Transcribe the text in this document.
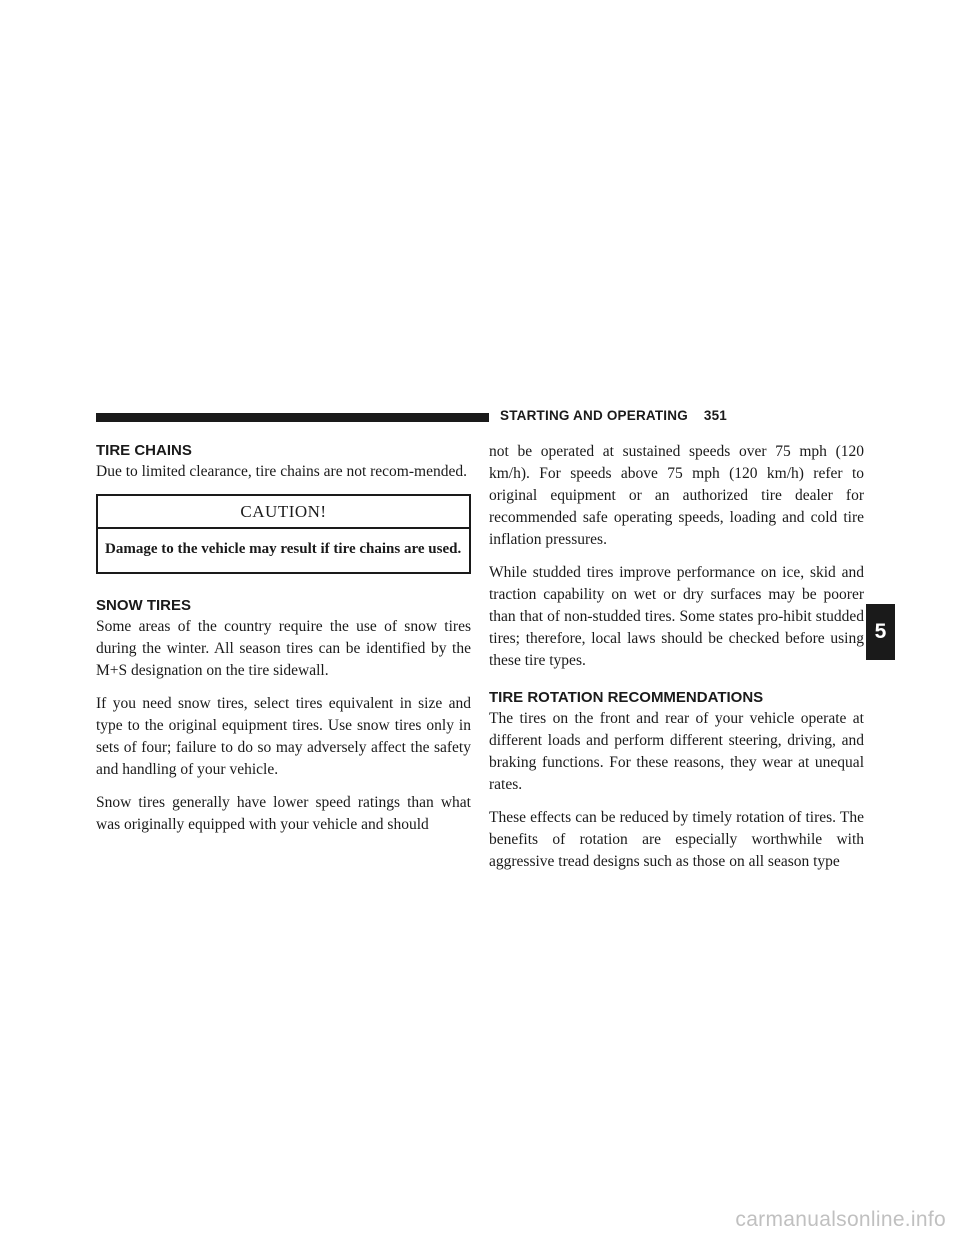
STARTING AND OPERATING 351
TIRE CHAINS

Due to limited clearance, tire chains are not recom-mended.

CAUTION!

Damage to the vehicle may result if tire chains are used.

SNOW TIRES

Some areas of the country require the use of snow tires during the winter. All season tires can be identified by the M+S designation on the tire sidewall.

If you need snow tires, select tires equivalent in size and type to the original equipment tires. Use snow tires only in sets of four; failure to do so may adversely affect the safety and handling of your vehicle.

Snow tires generally have lower speed ratings than what was originally equipped with your vehicle and should

not be operated at sustained speeds over 75 mph (120 km/h). For speeds above 75 mph (120 km/h) refer to original equipment or an authorized tire dealer for recommended safe operating speeds, loading and cold tire inflation pressures.

While studded tires improve performance on ice, skid and traction capability on wet or dry surfaces may be poorer than that of non-studded tires. Some states pro-hibit studded tires; therefore, local laws should be checked before using these tire types.

TIRE ROTATION RECOMMENDATIONS

The tires on the front and rear of your vehicle operate at different loads and perform different steering, driving, and braking functions. For these reasons, they wear at unequal rates.

These effects can be reduced by timely rotation of tires. The benefits of rotation are especially worthwhile with aggressive tread designs such as those on all season type

5
carmanualsonline.info
